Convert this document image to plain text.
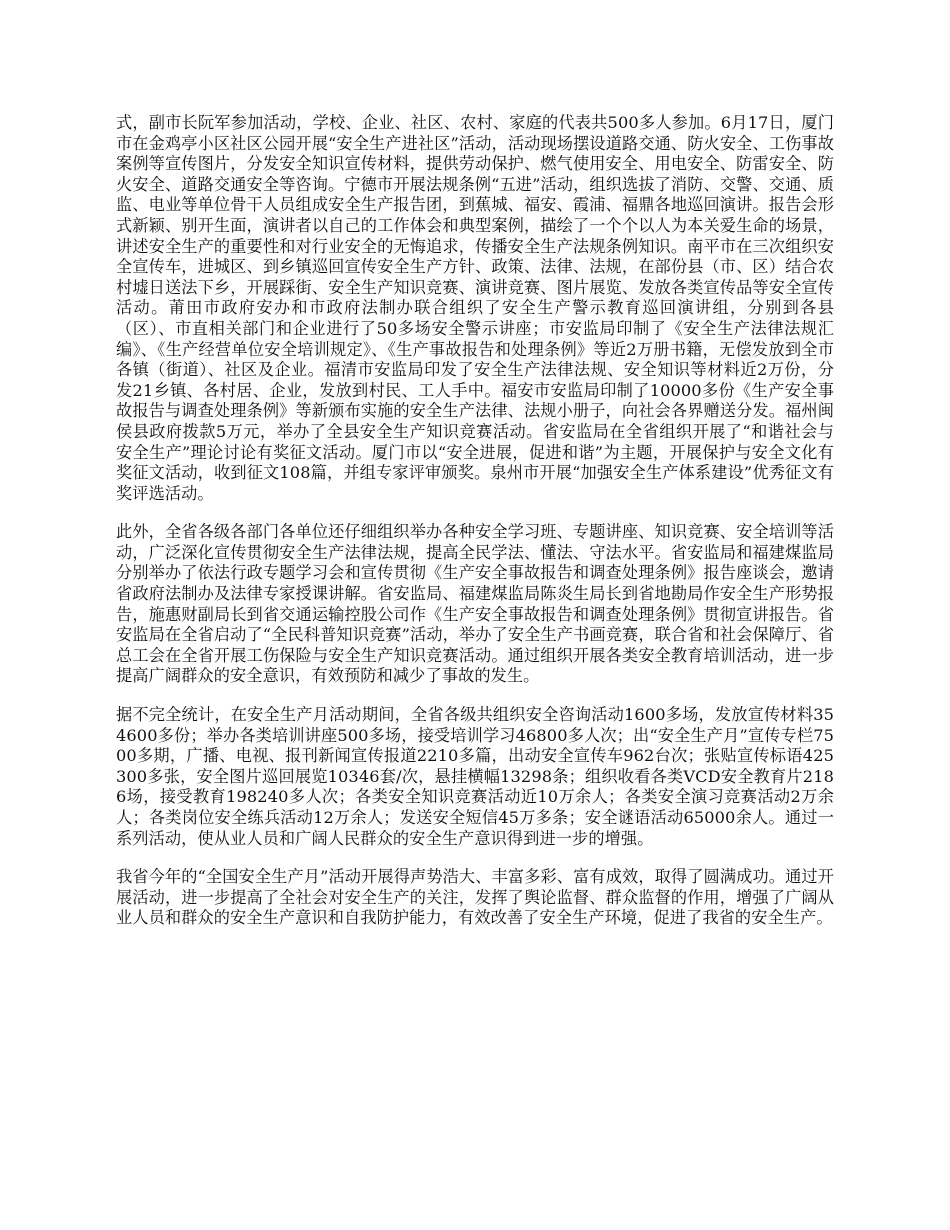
式，副市长阮军参加活动，学校、企业、社区、农村、家庭的代表共500多人参加。6月17日，厦门市在金鸡亭小区社区公园开展“安全生产进社区”活动，活动现场摆设道路交通、防火安全、工伤事故案例等宣传图片，分发安全知识宣传材料，提供劳动保护、燃气使用安全、用电安全、防雷安全、防火安全、道路交通安全等咨询。宁德市开展法规条例“五进”活动，组织选拔了消防、交警、交通、质监、电业等单位骨干人员组成安全生产报告团，到蕉城、福安、霞浦、福鼎各地巡回演讲。报告会形式新颖、别开生面，演讲者以自己的工作体会和典型案例，描绘了一个个以人为本关爱生命的场景，讲述安全生产的重要性和对行业安全的无悔追求，传播安全生产法规条例知识。南平市在三次组织安全宣传车，进城区、到乡镇巡回宣传安全生产方针、政策、法律、法规，在部份县（市、区）结合农村墟日送法下乡，开展踩街、安全生产知识竞赛、演讲竞赛、图片展览、发放各类宣传品等安全宣传活动。莆田市政府安办和市政府法制办联合组织了安全生产警示教育巡回演讲组，分别到各县（区）、市直相关部门和企业进行了50多场安全警示讲座；市安监局印制了《安全生产法律法规汇编》、《生产经营单位安全培训规定》、《生产事故报告和处理条例》等近2万册书籍，无偿发放到全市各镇（街道）、社区及企业。福清市安监局印发了安全生产法律法规、安全知识等材料近2万份，分发21乡镇、各村居、企业，发放到村民、工人手中。福安市安监局印制了10000多份《生产安全事故报告与调查处理条例》等新颁布实施的安全生产法律、法规小册子，向社会各界赠送分发。福州闽侯县政府拨款5万元，举办了全县安全生产知识竞赛活动。省安监局在全省组织开展了“和谐社会与安全生产”理论讨论有奖征文活动。厦门市以“安全进展，促进和谐”为主题，开展保护与安全文化有奖征文活动，收到征文108篇，并组专家评审颁奖。泉州市开展“加强安全生产体系建设”优秀征文有奖评选活动。

此外，全省各级各部门各单位还仔细组织举办各种安全学习班、专题讲座、知识竞赛、安全培训等活动，广泛深化宣传贯彻安全生产法律法规，提高全民学法、懂法、守法水平。省安监局和福建煤监局分别举办了依法行政专题学习会和宣传贯彻《生产安全事故报告和调查处理条例》报告座谈会，邀请省政府法制办及法律专家授课讲解。省安监局、福建煤监局陈炎生局长到省地勘局作安全生产形势报告，施惠财副局长到省交通运输控股公司作《生产安全事故报告和调查处理条例》贯彻宣讲报告。省安监局在全省启动了“全民科普知识竞赛”活动，举办了安全生产书画竞赛，联合省和社会保障厅、省总工会在全省开展工伤保险与安全生产知识竞赛活动。通过组织开展各类安全教育培训活动，进一步提高广阔群众的安全意识，有效预防和减少了事故的发生。

据不完全统计，在安全生产月活动期间，全省各级共组织安全咨询活动1600多场，发放宣传材料354600多份；举办各类培训讲座500多场，接受培训学习46800多人次；出“安全生产月”宣传专栏7500多期，广播、电视、报刊新闻宣传报道2210多篇，出动安全宣传车962台次；张贴宣传标语425300多张，安全图片巡回展览10346套/次，悬挂横幅13298条；组织收看各类VCD安全教育片2186场，接受教育198240多人次；各类安全知识竞赛活动近10万余人；各类安全演习竞赛活动2万余人；各类岗位安全练兵活动12万余人；发送安全短信45万多条；安全谜语活动65000余人。通过一系列活动，使从业人员和广阔人民群众的安全生产意识得到进一步的增强。

我省今年的“全国安全生产月”活动开展得声势浩大、丰富多彩、富有成效，取得了圆满成功。通过开展活动，进一步提高了全社会对安全生产的关注，发挥了舆论监督、群众监督的作用，增强了广阔从业人员和群众的安全生产意识和自我防护能力，有效改善了安全生产环境，促进了我省的安全生产。
